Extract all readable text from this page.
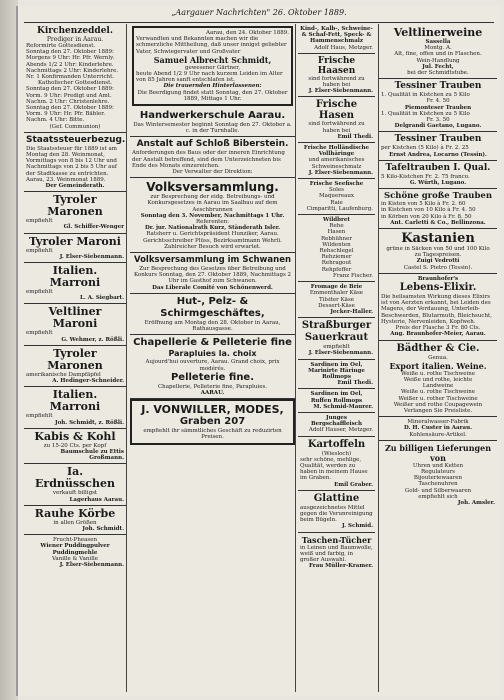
„Aargauer Nachrichten" 26. Oktober 1889.
Kirchenzeddel.
Prediger in Aarau.
Reformirte Gottesdienst.
Sonntag den 27. Oktober 1889:
Morgens 9 Uhr: Hr. Pfr. Wernly.
Abends 1/2 2 Uhr: Kinderlehre.
Nachmittags 2 Uhr: Kinderlehre.
Nr. 1 Konfirmanden Unterricht.
Katholischer Gottesdienst.
Sonntag den 27. Oktober 1889:
Vorm. 9 Uhr: Predigt und Amt.
Nachm. 2 Uhr: Christenlehre.
Sonntag den 27. Oktober 1889:
Vorm. 9 Uhr: Hr. Pfr. Bäbler.
Nachm. 4 Uhr: Bitte.
(Gef. Communion)
Staatssteuerbezug.
Die Staatssteuer für 1889 ist am Montag den 28. Weinmonat, Vormittags von 8 bis 12 Uhr und Nachmittags von 2 bis 5 Uhr auf der Stadtkasse zu entrichten.
Aarau, 23. Weinmonat 1889.
Der Gemeinderath.
Tyroler Maronen
empfiehlt
Gl. Schiffer-Wenger
Tyroler Maroni
empfiehlt
J. Elser-Siebenmann.
Italien. Marroni
empfiehlt
L. A. Siegbart.
Veltliner Maroni
empfiehlt
G. Wehmer, z. Rößli.
Tyroler Maronen
amerikanische Dampfäpfel
A. Hedinger-Schneider.
Italien. Marroni
empfiehlt
Joh. Schmidt, z. Rößli.
Kabis & Kohl
zu 15-20 Cts. per Kopf
Baumschule zu Ettis Großmann.
Ia. Erdnüsschen
verkauft billigst
Lagerhaus Aarau.
Rauhe Körbe
in allen Größen
Joh. Schmidt.
Frucht-Pheasen
Wiener Puddingpulver
Puddingmehle
Vanille & Vanille
J. Elser-Siebenmann.
Aarau, den 24. Oktober 1889.
Verwandten und Bekannten machen wir die schmerzliche Mittheilung, daß unser innigst geliebter Vater, Schwiegervater und Großvater
Samuel Albrecht Schmidt,
gewesener Gärtner,
heute Abend 1/2 9 Uhr nach kurzem Leiden im Alter von 85 Jahren sanft entschlafen ist.
Die trauernden Hinterlassenen:
Die Beerdigung findet statt Sonntag, den 27. Oktober 1889, Mittags 1 Uhr.
Handwerkerschule Aarau.
Das Wintersemester beginnt Sonntag den 27. Oktober a. c. in der Turnhalle.
Anstalt auf Schloß Biberstein.
Anforderungen des Baus oder der inneren Einrichtung der Anstalt betreffend, sind dem Unterzeichneten bis Ende des Monats einzureichen.
Der Verwalter der Direktion:
Volksversammlung.
zur Besprechung der eidg. Betreibungs- und Konkursgesetzes in Aarau im Saalbau auf dem Aeschbrunnen
Sonntag den 3. November, Nachmittags 1 Uhr.
Referenten:
Dr. jur. Nationalrath Kurz, Ständerath Isler.
Ratsherr u. Gerichtspräsident Hunziker, Aarau.
Gerichtsschreiber Plüss, Bezirksamtmann Wehrli.
Zahlreicher Besuch wird erwartet.
Volksversammlung im Schwanen
Zur Besprechung des Gesetzes über Betreibung und Konkurs Sonntag, den 27. Oktober 1889, Nachmittags 2 Uhr im Gasthof zum Schwanen.
Das Liberale Comité von Schönenwerd.
Hut-, Pelz- & Schirmgeschäftes,
Eröffnung am Montag den 28. Oktober in Aarau, Rathausgasse.
Chapellerie & Pelleterie fine
Parapluies la. choix
Aujourd'hui ouverture, Aarau. Grand choix, prix modérés.
Pelleterie fine.
Chapellerie, Pelleterie fine, Parapluies.
AARAU.
J. VONWILLER, MODES,
Graben 207
empfiehlt ihr sämmtliches Geschäft zu reduzirten Preisen.
Kind-, Kalb-, Schweine- & Schaf-Fett, Speck- & Hammenschmalz
Adolf Haus, Metzger.
Frische Haasen
sind fortwährend zu haben bei
J. Elser-Siebenmann.
Frische Hasen
sind fortwährend zu haben bei
Emil Thedi.
Frische Holländische Vollhäringe
und amerikanisches Schweineschmalz
J. Elser-Siebenmann.
Frische Seefische
Soles
Maquereaux
Raie
Cimparitti, Laufenburg.
Wildbret
Rehe
Hasen
Rebhühner
Wildenten
Rehschlegel
Rehziemer
Rehragout
Rehpfeffer
Franz Fischer.
Fromage de Brie
Emmenthaler Käse
Tilsiter Käse
Dessert-Käse
Jecker-Haller.
Straßburger Sauerkraut
empfiehlt
J. Elser-Siebenmann.
Sardinen im Oel, Marinirte Häringe Rollmops
Emil Thedi.
Sardinen im Oel, Ruffen Rollmops
M. Schmid-Maurer.
Junges Bergschaffleisch
Adolf Hauser, Metzger.
Kartoffeln
(Wiesloch)
sehr schöne, mehlige, Qualität, werden zu haben in meinem Hause im Graben.
Emil Graber.
Glattine
ausgezeichnetes Mittel gegen die Verunreinigung beim Bügeln.
J. Schmid.
Taschen-Tücher
in Leinen und Baumwolle, weiß und farbig, in großer Auswahl.
Frau Müller-Kramer.
Veltlinerweine
Sassella
Montg. A.
Alt, fine, offen und in Flaschen.
Wein-Handlung
Jul. Fecht,
bei der Schmidtstube.
Tessiner Trauben
1. Qualität in Kistchen zu 5 Kilo
Fr. 4. 50
Piemonteser Trauben
1. Qualität in Kistchen zu 5 Kilo
Fr. 3. 50
Delgrandi Gaetano, Lugano.
Tessiner Trauben
per Kistchen (5 Kilo) à Fr. 2. 25
Ernst Andrea, Locarno (Tessin).
Tafeltrauben I. Qual.
5 Kilo-Kistchen Fr. 2. 75 franco.
G. Würth, Lugano.
Schöne große Trauben
in Kisten von 5 Kilo à Fr. 2. 60
in Kistchen von 10 Kilo à Fr. 4. 50
in Körben von 20 Kilo à Fr. 8. 50
Ant. Carletti & Co., Bellinzona.
Kastanien
grüne in Säcken von 50 und 100 Kilo
zu Tagespreisen.
Zuigi Vedrotti
Castel S. Pietro (Tessin).
Braunhofer's
Lebens-Elixir.
Die heilsamsten Wirkung dieses Elixirs ist von Aerzten erkannt, bei Leiden des Magens, der Verdauung, Unterleib-Beschwerden, Blutarmuth, Bleichsucht, Hysterie, Nervenleiden, Kopfweh.
Preis der Flasche 3 Fr. 80 Cts.
Ang. Braunhofer-Meier, Aarau.
Bädther & Cie.
Genua.
Export italien. Weine.
Weiße u. rothe Tischweine
Weiße und rothe, leichte
Landweine
Weiße u. rothe Tischweine
Weißer u. rother Tischweine
Weißer und rothe Coupagewein
Verlangen Sie Preisliste.
Mineralwasser-Fabrik
D. H. Custer in Aarau.
Kohlensäure-Artikel.
Zu billigen Lieferungen von
Uhren und Ketten
Regulateurs
Bijouteriewaaren
Taschenuhren
Gold- und Silberwaaren
empfiehlt sich
Joh. Amsler.
